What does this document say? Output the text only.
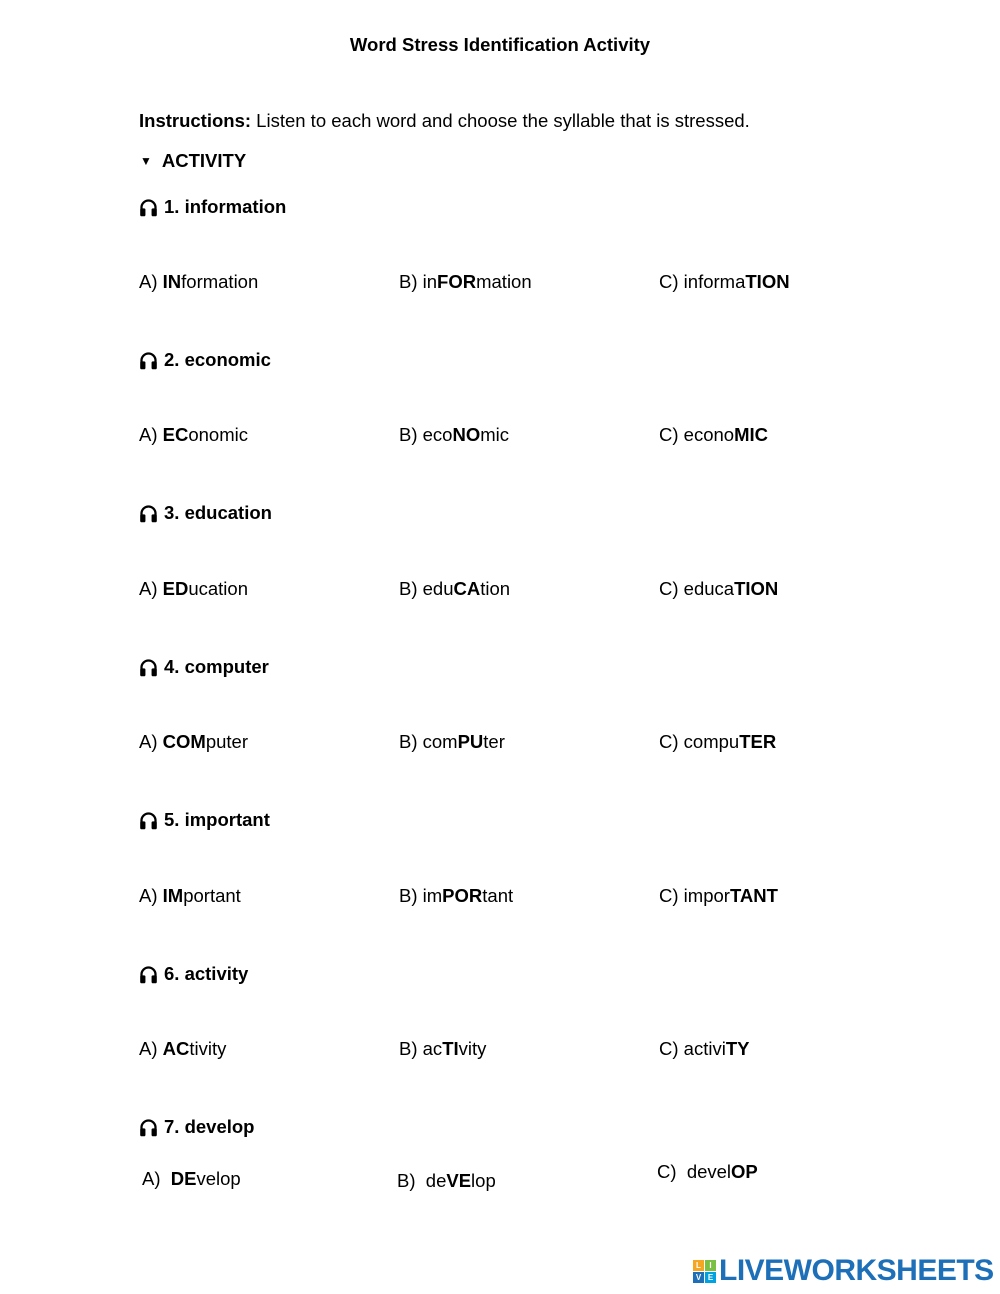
Word Stress Identification Activity
Instructions: Listen to each word and choose the syllable that is stressed.
▼ ACTIVITY
1. information
A) INformation	B) inFORmation	C) informaTION
2. economic
A) EConomic	B) ecoNOmic	C) econoMIC
3. education
A) EDucation	B) eduCAtion	C) educaTION
4. computer
A) COMputer	B) comPUter	C) compuTER
5. important
A) IMportant	B) imPORtant	C) imporTANT
6. activity
A) ACtivity	B) acTIvity	C) activiTY
7. develop
A) DEvelop	B) deVElop	C) develOP
L	I
V E LIVEWORKSHEETS
